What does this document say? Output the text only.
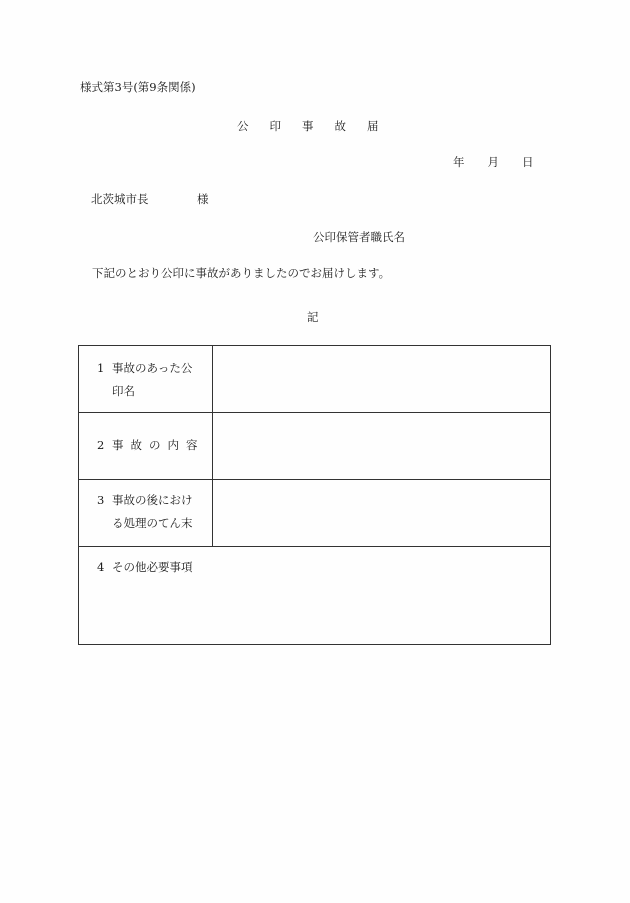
様式第3号(第9条関係)
公 印 事 故 届
年 月 日
北茨城市長	様
公印保管者職氏名
下記のとおり公印に事故がありましたのでお届けします。
記
1 事故のあった公
印名	

2 事 故 の 内 容	

3 事故の後におけ
る処理のてん末	

4 その他必要事項	
